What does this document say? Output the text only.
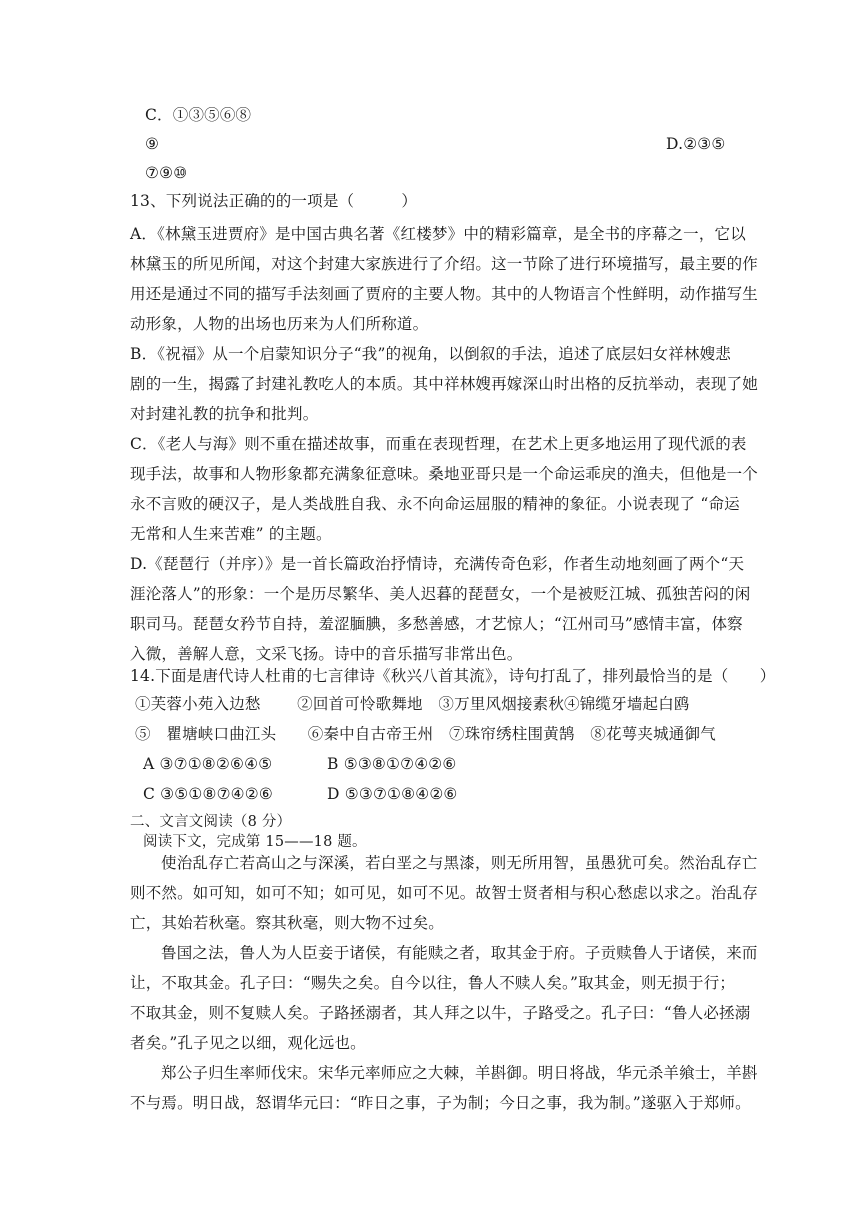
C．①③⑤⑥⑧
⑨	D.②③⑤
⑦⑨⑩
13、下列说法正确的的一项是（　　　）
A．《林黛玉进贾府》是中国古典名著《红楼梦》中的精彩篇章，是全书的序幕之一，它以
林黛玉的所见所闻，对这个封建大家族进行了介绍。这一节除了进行环境描写，最主要的作
用还是通过不同的描写手法刻画了贾府的主要人物。其中的人物语言个性鲜明，动作描写生
动形象，人物的出场也历来为人们所称道。
B．《祝福》从一个启蒙知识分子“我”的视角，以倒叙的手法，追述了底层妇女祥林嫂悲
剧的一生，揭露了封建礼教吃人的本质。其中祥林嫂再嫁深山时出格的反抗举动，表现了她
对封建礼教的抗争和批判。
C．《老人与海》则不重在描述故事，而重在表现哲理，在艺术上更多地运用了现代派的表
现手法，故事和人物形象都充满象征意味。桑地亚哥只是一个命运乖戾的渔夫，但他是一个
永不言败的硬汉子，是人类战胜自我、永不向命运屈服的精神的象征。小说表现了 “命运
无常和人生来苦难” 的主题。
D.《琵琶行（并序）》是一首长篇政治抒情诗，充满传奇色彩，作者生动地刻画了两个“天
涯沦落人”的形象：一个是历尽繁华、美人迟暮的琵琶女，一个是被贬江城、孤独苦闷的闲
职司马。琵琶女矜节自持，羞涩腼腆，多愁善感，才艺惊人；“江州司马”感情丰富，体察
入微，善解人意，文采飞扬。诗中的音乐描写非常出色。
14.下面是唐代诗人杜甫的七言律诗《秋兴八首其流》，诗句打乱了，排列最恰当的是（　　）
①芙蓉小苑入边愁　　 ②回首可怜歌舞地　③万里风烟接素秋④锦缆牙墙起白鸥
⑤　瞿塘峡口曲江头　　⑥秦中自古帝王州　⑦珠帘绣柱围黄鹄　⑧花萼夹城通御气
A ③⑦①⑧②⑥④⑤	B ⑤③⑧①⑦④②⑥
C ③⑤①⑧⑦④②⑥	D ⑤③⑦①⑧④②⑥
二、文言文阅读（8 分）
阅读下文，完成第 15——18 题。
使治乱存亡若高山之与深溪，若白垩之与黑漆，则无所用智，虽愚犹可矣。然治乱存亡
则不然。如可知，如可不知；如可见，如可不见。故智士贤者相与积心愁虑以求之。治乱存
亡，其始若秋毫。察其秋毫，则大物不过矣。
鲁国之法，鲁人为人臣妾于诸侯，有能赎之者，取其金于府。子贡赎鲁人于诸侯，来而
让，不取其金。孔子曰：“赐失之矣。自今以往，鲁人不赎人矣。”取其金，则无损于行；
不取其金，则不复赎人矣。子路拯溺者，其人拜之以牛，子路受之。孔子曰：“鲁人必拯溺
者矣。”孔子见之以细，观化远也。
郑公子归生率师伐宋。宋华元率师应之大棘，羊斟御。明日将战，华元杀羊飨士，羊斟
不与焉。明日战，怒谓华元曰：“昨日之事，子为制；今日之事，我为制。”遂驱入于郑师。
